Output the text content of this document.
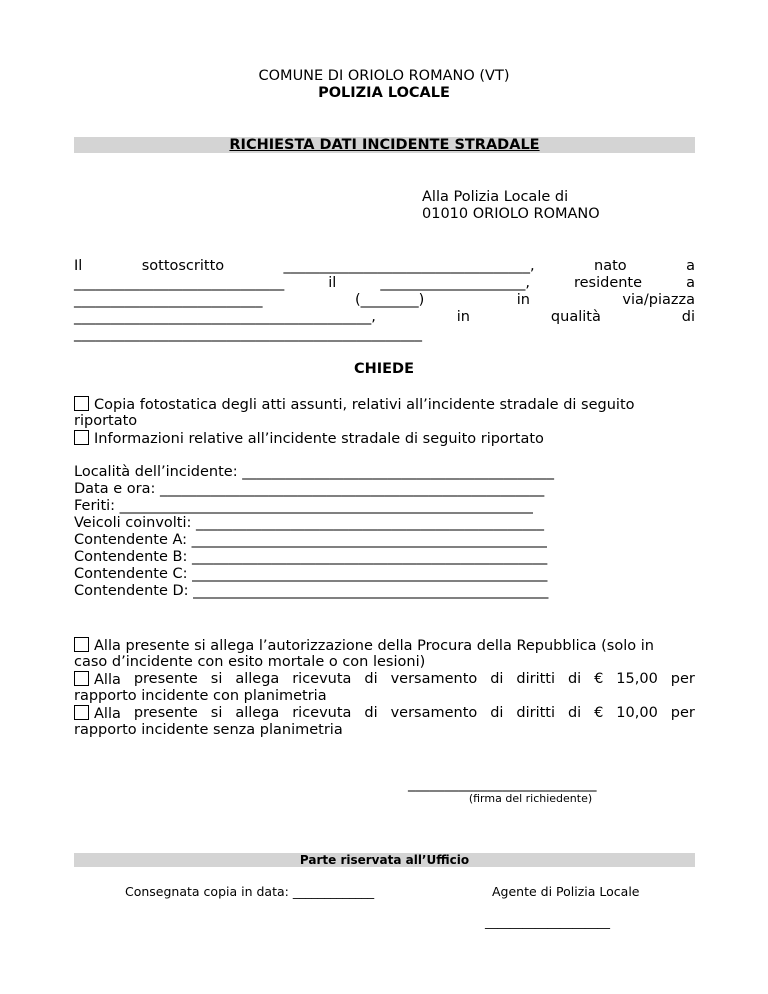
COMUNE DI ORIOLO ROMANO (VT)
POLIZIA LOCALE
RICHIESTA DATI INCIDENTE STRADALE
Alla Polizia Locale di
01010 ORIOLO ROMANO
Il	sottoscritto	__________________________________,	nato	a
_____________________________	il	____________________,	residente	a
__________________________	(________)	in	via/piazza
_________________________________________,	in	qualità	di
________________________________________________
CHIEDE
Copia fotostatica degli atti assunti, relativi all’incidente stradale di seguito
riportato
Informazioni relative all’incidente stradale di seguito riportato
Località dell’incidente: ___________________________________________
Data e ora: _____________________________________________________
Feriti: _________________________________________________________
Veicoli coinvolti: ________________________________________________
Contendente A: _________________________________________________
Contendente B: _________________________________________________
Contendente C: _________________________________________________
Contendente D: _________________________________________________
Alla presente si allega l’autorizzazione della Procura della Repubblica (solo in
caso d’incidente con esito mortale o con lesioni)
Alla presente si allega ricevuta di versamento di diritti di € 15,00 per
rapporto incidente con planimetria
Alla presente si allega ricevuta di versamento di diritti di € 10,00 per
rapporto incidente senza planimetria
__________________________
(firma del richiedente)
Parte riservata all’Ufficio
Consegnata copia in data: _____________	Agente di Polizia Locale
____________________
